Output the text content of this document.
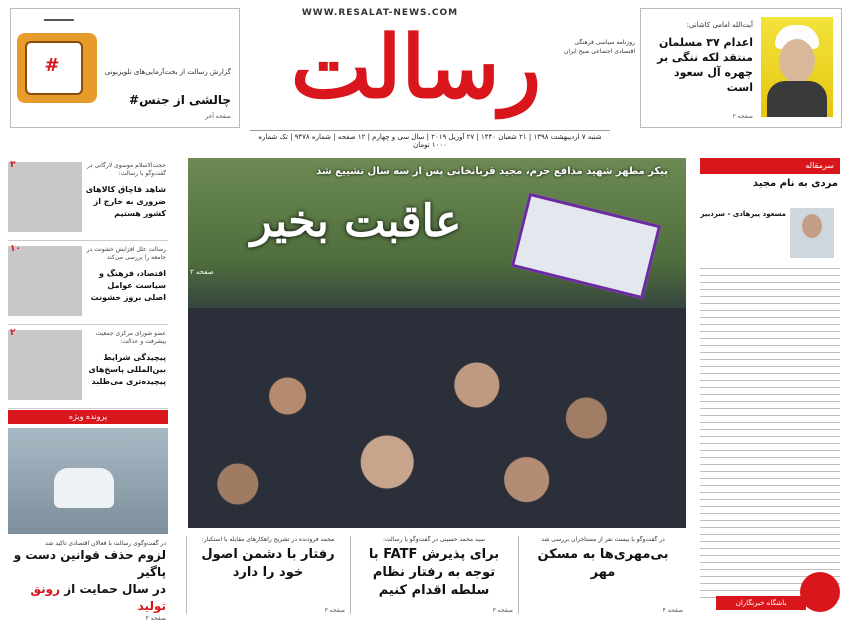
WWW.RESALAT-NEWS.COM
رسالت	روزنامه سیاسی فرهنگی اقتصادی اجتماعی صبح ایران
شنبه ۷ اردیبهشت ۱۳۹۸ | ۲۱ شعبان ۱۴۴۰ | ۲۷ آوریل ۲۰۱۹ | سال سی و چهارم | ۱۲ صفحه | شماره ۹۴۷۸ | تک شماره ۱۰۰۰ تومان
آیت‌الله امامی کاشانی:
اعدام ۳۷ مسلمان منتقد لکه ننگی بر چهره آل سعود است
صفحه ۲
#	گزارش رسالت از بخت‌آزمایی‌های تلویزیونی
چالشی از جنس#
صفحه آخر
پیکر مطهر شهید مدافع حرم، مجید قربانخانی پس از سه سال تشییع شد
عاقبت بخیر
صفحه ۲
سرمقاله
مردی به نام مجید
مسعود پیرهادی - سردبیر
۳	حجت‌الاسلام موسوی لارگانی در گفت‌وگو با رسالت:
شاهد قاچاق کالاهای ضروری به خارج از کشور هستیم
۱۰	رسالت علل افزایش خشونت در جامعه را بررسی می‌کند
اقتصاد، فرهنگ و سیاست عوامل اصلی بروز خشونت
۲	عضو شورای مرکزی جمعیت پیشرفت و عدالت:
پیچیدگی شرایط بین‌المللی پاسخ‌های پیچیده‌تری می‌طلبد
پرونده ویژه
در گفت‌وگوی رسالت با فعالان اقتصادی تاکید شد
لزوم حذف قوانین دست و پاگیر
در سال حمایت از رونق تولید
صفحه ۴
محمد فرودنده در تشریح راهکارهای مقابله با استکبار:
رفتار با دشمن اصول خود را دارد
صفحه ۳
سید محمد حسینی در گفت‌وگو با رسالت:
برای پذیرش FATF با توجه به رفتار نظام سلطه اقدام کنیم
صفحه ۳
در گفت‌وگو با بیست نفر از مستاجران بررسی شد
بی‌مهری‌ها به مسکن مهر
صفحه ۴
باشگاه خبرنگاران
